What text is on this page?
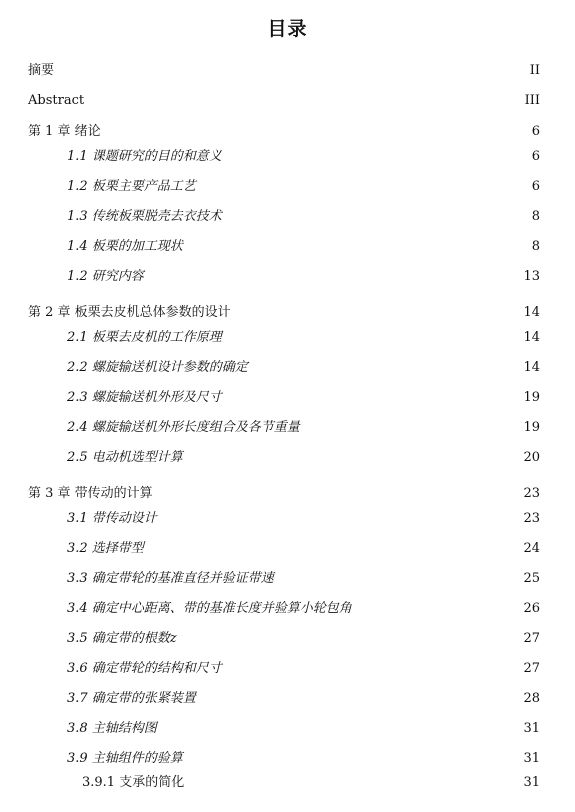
目录
摘要	II
Abstract	III
第 1 章 绪论	6
1.1 课题研究的目的和意义	6
1.2 板栗主要产品工艺	6
1.3 传统板栗脱壳去衣技术	8
1.4 板栗的加工现状	8
1.2 研究内容	13
第 2 章 板栗去皮机总体参数的设计	14
2.1 板栗去皮机的工作原理	14
2.2 螺旋输送机设计参数的确定	14
2.3 螺旋输送机外形及尺寸	19
2.4 螺旋输送机外形长度组合及各节重量	19
2.5 电动机选型计算	20
第 3 章 带传动的计算	23
3.1 带传动设计	23
3.2 选择带型	24
3.3 确定带轮的基准直径并验证带速	25
3.4 确定中心距离、带的基准长度并验算小轮包角	26
3.5 确定带的根数z	27
3.6 确定带轮的结构和尺寸	27
3.7 确定带的张紧装置	28
3.8 主轴结构图	31
3.9 主轴组件的验算	31
3.9.1 支承的简化	31
